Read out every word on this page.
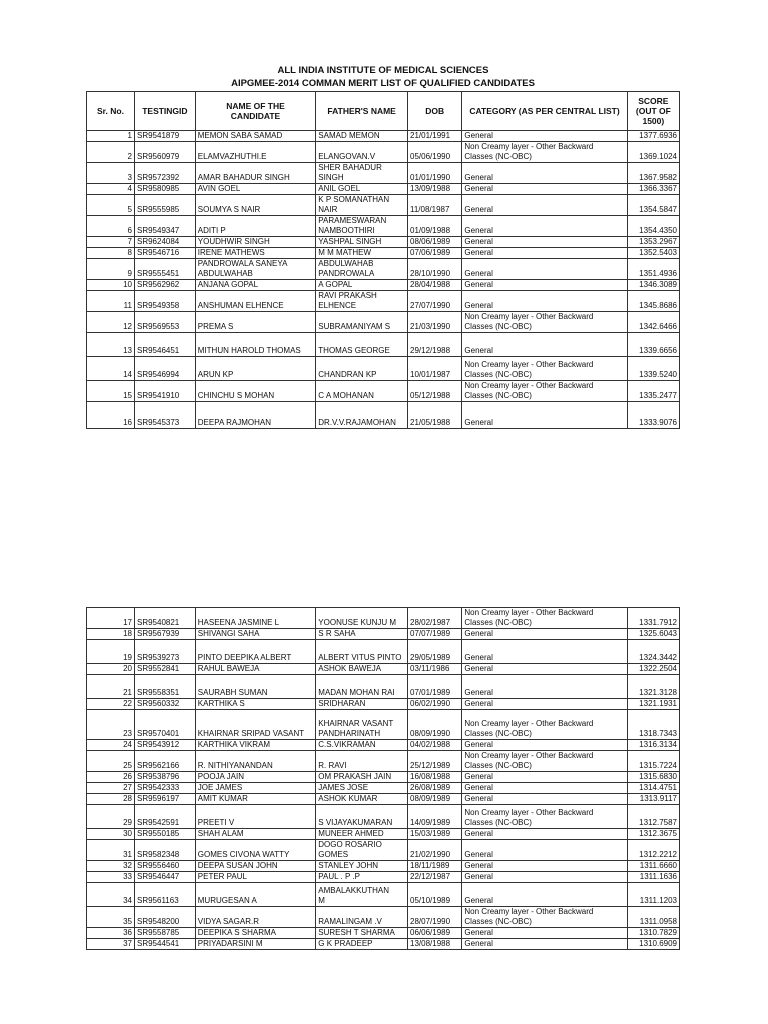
ALL INDIA INSTITUTE OF MEDICAL SCIENCES
AIPGMEE-2014 COMMAN MERIT LIST OF QUALIFIED CANDIDATES
Sr. No.	TESTINGID	NAME OF THE
CANDIDATE	FATHER'S NAME	DOB	CATEGORY (AS PER CENTRAL LIST)	SCORE
(OUT OF
1500)
1	SR9541879	MEMON SABA SAMAD	SAMAD MEMON	21/01/1991	General	1377.6936
2	SR9560979	ELAMVAZHUTHI.E	ELANGOVAN.V	05/06/1990	Non Creamy layer - Other Backward
Classes (NC-OBC)	1369.1024
3	SR9572392	AMAR BAHADUR SINGH	SHER BAHADUR
SINGH	01/01/1990	General	1367.9582
4	SR9580985	AVIN GOEL	ANIL GOEL	13/09/1988	General	1366.3367
5	SR9555985	SOUMYA S NAIR	K P SOMANATHAN
NAIR	11/08/1987	General	1354.5847
6	SR9549347	ADITI P	PARAMESWARAN
NAMBOOTHIRI	01/09/1988	General	1354.4350
7	SR9624084	YOUDHWIR SINGH	YASHPAL SINGH	08/06/1989	General	1353.2967
8	SR9546716	IRENE MATHEWS	M M MATHEW	07/06/1989	General	1352.5403
9	SR9555451	PANDROWALA SANEYA
ABDULWAHAB	ABDULWAHAB
PANDROWALA	28/10/1990	General	1351.4936
10	SR9562962	ANJANA GOPAL	A GOPAL	28/04/1988	General	1346.3089
11	SR9549358	ANSHUMAN ELHENCE	RAVI PRAKASH
ELHENCE	27/07/1990	General	1345.8686
12	SR9569553	PREMA S	SUBRAMANIYAM S	21/03/1990	Non Creamy layer - Other Backward
Classes (NC-OBC)	1342.6466
13	SR9546451	MITHUN HAROLD THOMAS	THOMAS GEORGE	29/12/1988	General	1339.6656
14	SR9546994	ARUN KP	CHANDRAN KP	10/01/1987	Non Creamy layer - Other Backward
Classes (NC-OBC)	1339.5240
15	SR9541910	CHINCHU S MOHAN	C A MOHANAN	05/12/1988	Non Creamy layer - Other Backward
Classes (NC-OBC)	1335.2477
16	SR9545373	DEEPA RAJMOHAN	DR.V.V.RAJAMOHAN	21/05/1988	General	1333.9076
17	SR9540821	HASEENA JASMINE L	YOONUSE KUNJU M	28/02/1987	Non Creamy layer - Other Backward
Classes (NC-OBC)	1331.7912
18	SR9567939	SHIVANGI SAHA	S R SAHA	07/07/1989	General	1325.6043
19	SR9539273	PINTO DEEPIKA ALBERT	ALBERT VITUS PINTO	29/05/1989	General	1324.3442
20	SR9552841	RAHUL BAWEJA	ASHOK BAWEJA	03/11/1986	General	1322.2504
21	SR9558351	SAURABH SUMAN	MADAN MOHAN RAI	07/01/1989	General	1321.3128
22	SR9560332	KARTHIKA S	SRIDHARAN	06/02/1990	General	1321.1931
23	SR9570401	KHAIRNAR SRIPAD VASANT	KHAIRNAR VASANT
PANDHARINATH	08/09/1990	Non Creamy layer - Other Backward
Classes (NC-OBC)	1318.7343
24	SR9543912	KARTHIKA VIKRAM	C.S.VIKRAMAN	04/02/1988	General	1316.3134
25	SR9562166	R. NITHIYANANDAN	R. RAVI	25/12/1989	Non Creamy layer - Other Backward
Classes (NC-OBC)	1315.7224
26	SR9538796	POOJA JAIN	OM PRAKASH JAIN	16/08/1988	General	1315.6830
27	SR9542333	JOE JAMES	JAMES JOSE	26/08/1989	General	1314.4751
28	SR9596197	AMIT KUMAR	ASHOK KUMAR	08/09/1989	General	1313.9117
29	SR9542591	PREETI V	S VIJAYAKUMARAN	14/09/1989	Non Creamy layer - Other Backward
Classes (NC-OBC)	1312.7587
30	SR9550185	SHAH ALAM	MUNEER AHMED	15/03/1989	General	1312.3675
31	SR9582348	GOMES CIVONA WATTY	DOGO ROSARIO
GOMES	21/02/1990	General	1312.2212
32	SR9556460	DEEPA SUSAN JOHN	STANLEY JOHN	18/11/1989	General	1311.6660
33	SR9546447	PETER PAUL	PAUL . P .P	22/12/1987	General	1311.1636
34	SR9561163	MURUGESAN A	AMBALAKKUTHAN
M	05/10/1989	General	1311.1203
35	SR9548200	VIDYA SAGAR.R	RAMALINGAM .V	28/07/1990	Non Creamy layer - Other Backward
Classes (NC-OBC)	1311.0958
36	SR9558785	DEEPIKA S SHARMA	SURESH T SHARMA	06/06/1989	General	1310.7829
37	SR9544541	PRIYADARSINI M	G K PRADEEP	13/08/1988	General	1310.6909
